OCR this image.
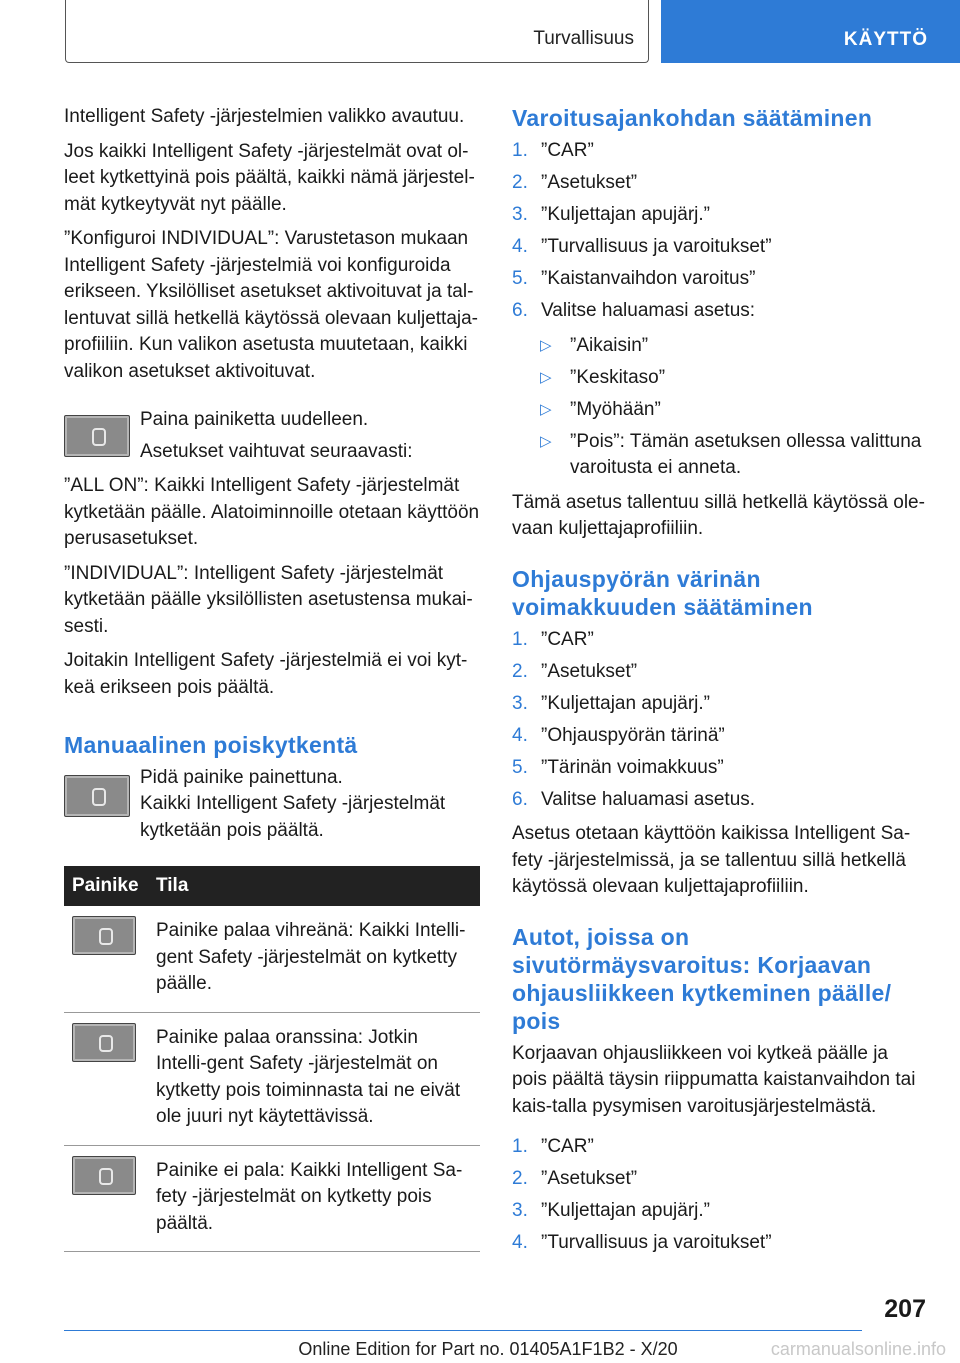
Turvallisuus	KÄYTTÖ

Intelligent Safety -järjestelmien valikko avautuu.

Jos kaikki Intelligent Safety -järjestelmät ovat ol-leet kytkettyinä pois päältä, kaikki nämä järjestel-mät kytkeytyvät nyt päälle.

”Konfiguroi INDIVIDUAL”: Varustetason mukaan Intelligent Safety -järjestelmiä voi konfiguroida erikseen. Yksilölliset asetukset aktivoituvat ja tal-lentuvat sillä hetkellä käytössä olevaan kuljettaja-profiiliin. Kun valikon asetusta muutetaan, kaikki valikon asetukset aktivoituvat.

Paina painiketta uudelleen.
Asetukset vaihtuvat seuraavasti:

”ALL ON”: Kaikki Intelligent Safety -järjestelmät kytketään päälle. Alatoiminnoille otetaan käyttöön perusasetukset.

”INDIVIDUAL”: Intelligent Safety -järjestelmät kytketään päälle yksilöllisten asetustensa mukai-sesti.

Joitakin Intelligent Safety -järjestelmiä ei voi kyt-keä erikseen pois päältä.

Manuaalinen poiskytkentä
Pidä painike painettuna.
Kaikki Intelligent Safety -järjestelmät kytketään pois päältä.
Painike	Tila

	Painike palaa vihreänä: Kaikki Intelli-gent Safety -järjestelmät on kytketty päälle.

	Painike palaa oranssina: Jotkin Intelli-gent Safety -järjestelmät on kytketty pois toiminnasta tai ne eivät ole juuri nyt käytettävissä.

	Painike ei pala: Kaikki Intelligent Sa-fety -järjestelmät on kytketty pois päältä.
Varoitusajankohdan säätäminen
1. ”CAR”
2. ”Asetukset”
3. ”Kuljettajan apujärj.”
4. ”Turvallisuus ja varoitukset”
5. ”Kaistanvaihdon varoitus”
6. Valitse haluamasi asetus:
▷ ”Aikaisin”
▷ ”Keskitaso”
▷ ”Myöhään”
▷ ”Pois”: Tämän asetuksen ollessa valittuna varoitusta ei anneta.

Tämä asetus tallentuu sillä hetkellä käytössä ole-vaan kuljettajaprofiiliin.

Ohjauspyörän värinän voimakkuuden säätäminen
1. ”CAR”
2. ”Asetukset”
3. ”Kuljettajan apujärj.”
4. ”Ohjauspyörän tärinä”
5. ”Tärinän voimakkuus”
6. Valitse haluamasi asetus.

Asetus otetaan käyttöön kaikissa Intelligent Sa-fety -järjestelmissä, ja se tallentuu sillä hetkellä käytössä olevaan kuljettajaprofiiliin.

Autot, joissa on sivutörmäysvaroitus: Korjaavan ohjausliikkeen kytkeminen päälle/ pois

Korjaavan ohjausliikkeen voi kytkeä päälle ja pois päältä täysin riippumatta kaistanvaihdon tai kais-talla pysymisen varoitusjärjestelmästä.

1. ”CAR”
2. ”Asetukset”
3. ”Kuljettajan apujärj.”
4. ”Turvallisuus ja varoitukset”
207
Online Edition for Part no. 01405A1F1B2 - X/20	carmanualsonline.info
